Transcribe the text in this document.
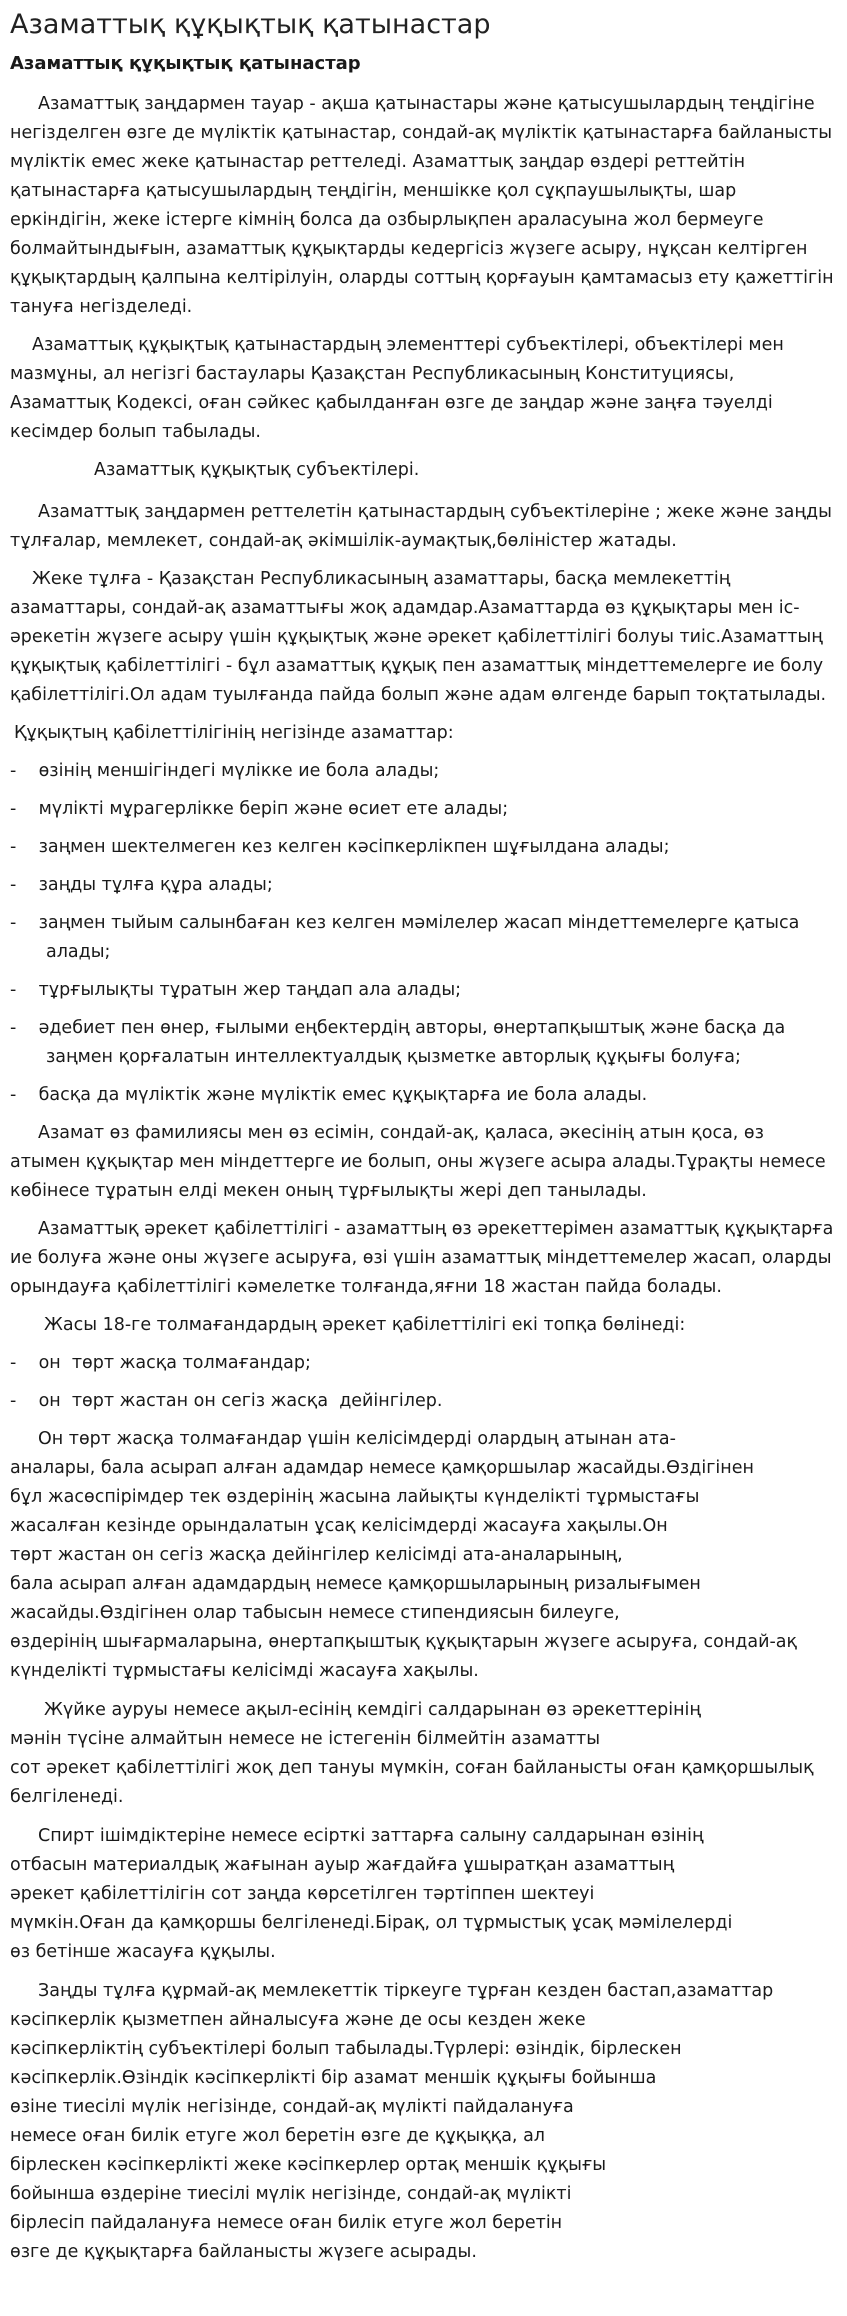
Азаматтық құқықтық қатынастар
Азаматтық құқықтық қатынастар

Азаматтық заңдармен тауар - ақша қатынастары және қатысушылардың теңдігіне негізделген өзге де мүліктік қатынастар, сондай-ақ мүліктік қатынастарға байланысты мүліктік емес жеке қатынастар реттеледі. Азаматтық заңдар өздері реттейтін қатынастарға қатысушылардың теңдігін, меншікке қол сұқпаушылықты, шар еркіндігін, жеке істерге кімнің болса да озбырлықпен араласуына жол бермеуге болмайтындығын, азаматтық құқықтарды кедергісіз жүзеге асыру, нұқсан келтірген құқықтардың қалпына келтірілуін, оларды соттың қорғауын қамтамасыз ету қажеттігін тануға негізделеді.

Азаматтық құқықтық қатынастардың элементтері субъектілері, объектілері мен мазмұны, ал негізгі бастаулары Қазақстан Республикасының Конституциясы, Азаматтық Кодексі, оған сәйкес қабылданған өзге де заңдар және заңға тәуелді кесімдер болып табылады.

Азаматтық құқықтық субъектілері.

Азаматтық заңдармен реттелетін қатынастардың субъектілеріне ; жеке және заңды тұлғалар, мемлекет, сондай-ақ әкімшілік-аумақтық,бөліністер жатады.

Жеке тұлға - Қазақстан Республикасының азаматтары, басқа мемлекеттің азаматтары, сондай-ақ азаматтығы жоқ адамдар.Азаматтарда өз құқықтары мен іс-әрекетін жүзеге асыру үшін құқықтық және әрекет қабілеттілігі болуы тиіс.Азаматтың құқықтық қабілеттілігі - бұл азаматтық құқық пен азаматтық міндеттемелерге ие болу қабілеттілігі.Ол адам туылғанда пайда болып және адам өлгенде барып тоқтатылады.

Құқықтың қабілеттілігінің негізінде азаматтар:

-    өзінің меншігіндегі мүлікке ие бола алады;

-    мүлікті мұрагерлікке беріп және өсиет ете алады;

-    заңмен шектелмеген кез келген кәсіпкерлікпен шұғылдана алады;

-    заңды тұлға құра алады;

-    заңмен тыйым салынбаған кез келген мәмілелер жасап міндеттемелерге қатыса алады;

-    тұрғылықты тұратын жер таңдап ала алады;

-    әдебиет пен өнер, ғылыми еңбектердің авторы, өнертапқыштық және басқа да заңмен қорғалатын интеллектуалдық қызметке авторлық құқығы болуға;

-    басқа да мүліктік және мүліктік емес құқықтарға ие бола алады.

Азамат өз фамилиясы мен өз есімін, сондай-ақ, қаласа, әкесінің атын қоса, өз атымен құқықтар мен міндеттерге ие болып, оны жүзеге асыра алады.Тұрақты немесе көбінесе тұратын елді мекен оның тұрғылықты жері деп танылады.

Азаматтық әрекет қабілеттілігі - азаматтың өз әрекеттерімен азаматтық құқықтарға ие болуға және оны жүзеге асыруға, өзі үшін азаматтық міндеттемелер жасап, оларды орындауға қабілеттілігі кәмелетке толғанда,яғни 18 жастан пайда болады.

Жасы 18-ге толмағандардың әрекет қабілеттілігі екі топқа бөлінеді:

-    он  төрт жасқа толмағандар;

-    он  төрт жастан он сегіз жасқа  дейінгілер.

Он төрт жасқа толмағандар үшін келісімдерді олардың атынан ата-
аналары, бала асырап алған адамдар немесе қамқоршылар жасайды.Өздігінен
бұл жасөспірімдер тек өздерінің жасына лайықты күнделікті тұрмыстағы
жасалған кезінде орындалатын ұсақ келісімдерді жасауға хақылы.Он
төрт жастан он сегіз жасқа дейінгілер келісімді ата-аналарының,
бала асырап алған адамдардың немесе қамқоршыларының ризалығымен
жасайды.Өздігінен олар табысын немесе стипендиясын билеуге,
өздерінің шығармаларына, өнертапқыштық құқықтарын жүзеге асыруға, сондай-ақ
күнделікті тұрмыстағы келісімді жасауға хақылы.
Жүйке ауруы немесе ақыл-есінің кемдігі салдарынан өз әрекеттерінің
мәнін түсіне алмайтын немесе не істегенін білмейтін азаматты
сот әрекет қабілеттілігі жоқ деп тануы мүмкін, соған байланысты оған қамқоршылық
белгіленеді.
Спирт ішімдіктеріне немесе есірткі заттарға салыну салдарынан өзінің
отбасын материалдық жағынан ауыр жағдайға ұшыратқан азаматтың
әрекет қабілеттілігін сот заңда көрсетілген тәртіппен шектеуі
мүмкін.Оған да қамқоршы белгіленеді.Бірақ, ол тұрмыстық ұсақ мәмілелерді
өз бетінше жасауға құқылы.
Заңды тұлға құрмай-ақ мемлекеттік тіркеуге тұрған кезден бастап,азаматтар
кәсіпкерлік қызметпен айналысуға және де осы кезден жеке
кәсіпкерліктің субъектілері болып табылады.Түрлері: өзіндік, бірлескен
кәсіпкерлік.Өзіндік кәсіпкерлікті бір азамат меншік құқығы бойынша
өзіне тиесілі мүлік негізінде, сондай-ақ мүлікті пайдалануға
немесе оған билік етуге жол беретін өзге де құқыққа, ал
бірлескен кәсіпкерлікті жеке кәсіпкерлер ортақ меншік құқығы
бойынша өздеріне тиесілі мүлік негізінде, сондай-ақ мүлікті
бірлесіп пайдалануға немесе оған билік етуге жол беретін
өзге де құқықтарға байланысты жүзеге асырады.
